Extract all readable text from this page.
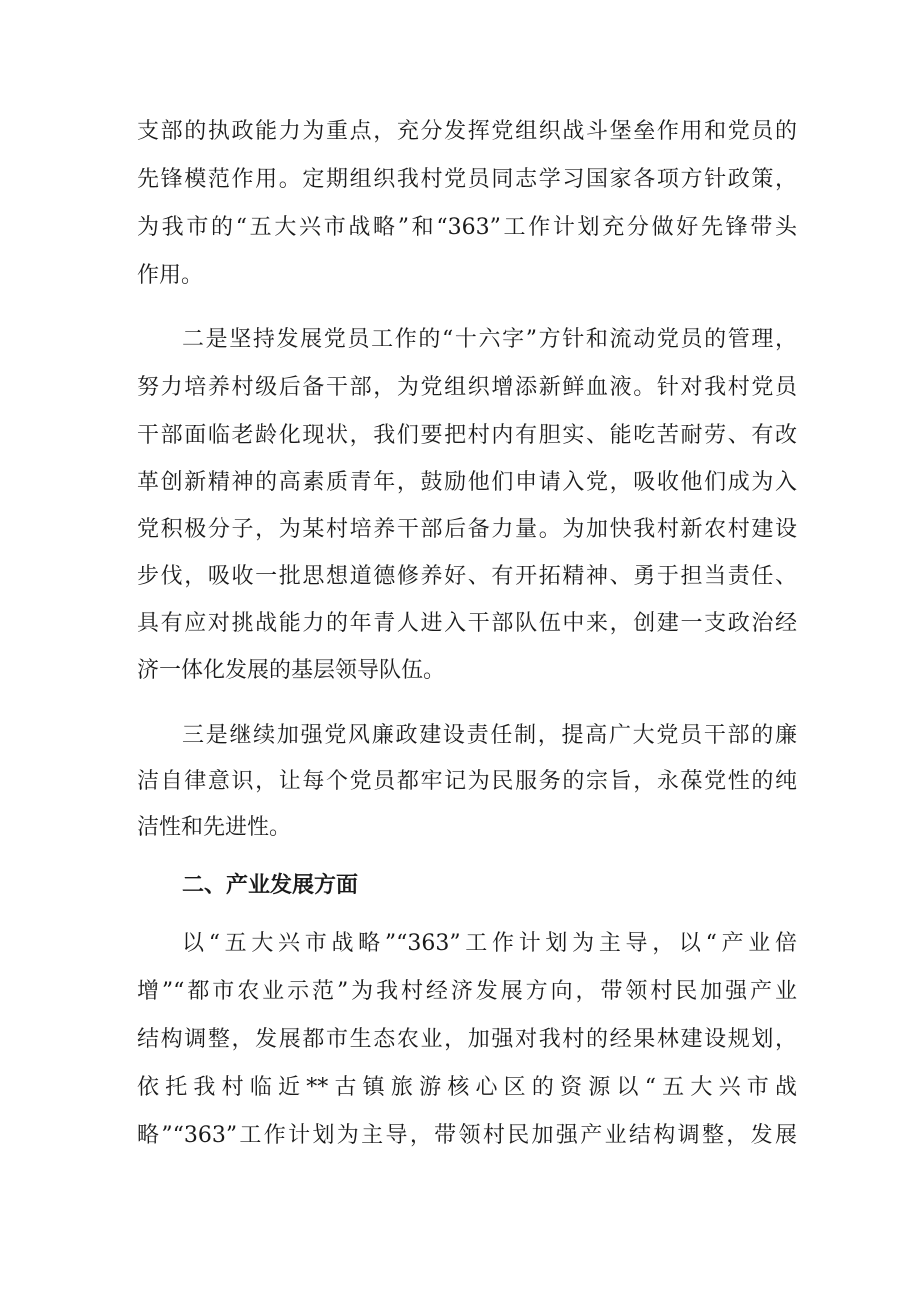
支部的执政能力为重点，充分发挥党组织战斗堡垒作用和党员的
先锋模范作用。定期组织我村党员同志学习国家各项方针政策，
为我市的“五大兴市战略”和“363”工作计划充分做好先锋带头
作用。
二是坚持发展党员工作的“十六字”方针和流动党员的管理，
努力培养村级后备干部，为党组织增添新鲜血液。针对我村党员
干部面临老龄化现状，我们要把村内有胆实、能吃苦耐劳、有改
革创新精神的高素质青年，鼓励他们申请入党，吸收他们成为入
党积极分子，为某村培养干部后备力量。为加快我村新农村建设
步伐，吸收一批思想道德修养好、有开拓精神、勇于担当责任、
具有应对挑战能力的年青人进入干部队伍中来，创建一支政治经
济一体化发展的基层领导队伍。
三是继续加强党风廉政建设责任制，提高广大党员干部的廉
洁自律意识，让每个党员都牢记为民服务的宗旨，永葆党性的纯
洁性和先进性。
二、产业发展方面
以“五大兴市战略”“363”工作计划为主导，以“产业倍
增”“都市农业示范”为我村经济发展方向，带领村民加强产业
结构调整，发展都市生态农业，加强对我村的经果林建设规划，
依托我村临近**古镇旅游核心区的资源以“五大兴市战
略”“363”工作计划为主导，带领村民加强产业结构调整，发展
